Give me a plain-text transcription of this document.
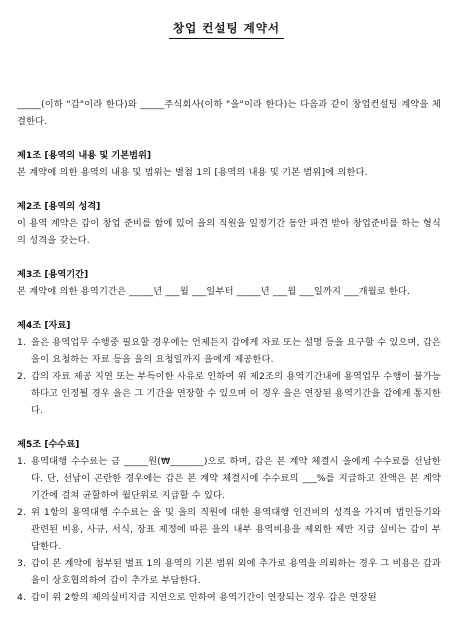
창업 컨설팅 계약서

_____(이하 "갑"이라 한다)와 _____주식회사(이하 "을"이라 한다)는 다음과 같이 창업컨설팅 계약을 체결한다.

제1조 [용역의 내용 및 기본범위]

본 계약에 의한 용역의 내용 및 범위는 별첨 1의 [용역의 내용 및 기본 범위]에 의한다.

제2조 [용역의 성격]

이 용역 계약은 갑이 창업 준비를 함에 있어 을의 직원을 일정기간 동안 파견 받아 창업준비를 하는 형식의 성격을 갖는다.

제3조 [용역기간]

본 계약에 의한 용역기간은 _____년 ___월 ___일부터 _____년 ___월 ___일까지 ___개월로 한다.

제4조 [자료]

1. 을은 용역업무 수행중 필요할 경우에는 언제든지 갑에게 자료 또는 설명 등을 요구할 수 있으며, 갑은 을이 요청하는 자료 등을 을의 요청일까지 을에게 제공한다.
2. 갑의 자료 제공 지연 또는 부득이한 사유로 인하여 위 제2조의 용역기간내에 용역업무 수행이 불가능하다고 인정될 경우 을은 그 기간을 연장할 수 있으며 이 경우 을은 연장된 용역기간을 갑에게 통지한다.

제5조 [수수료]

1. 용역대행 수수료는 금 _____원(₩_______)으로 하며, 갑은 본 계약 체결시 을에게 수수료를 선납한다. 단, 선납이 곤란한 경우에는 갑은 본 계약 체결시에 수수료의 ___%를 지급하고 잔액은 본 계약 기간에 걸쳐 균할하여 월단위로 지급할 수 있다.
2. 위 1항의 용역대행 수수료는 을 및 을의 직원에 대한 용역대행 인건비의 성격을 가지며 법인등기와 관련된 비용, 사규, 서식, 장표 제정에 따른 을의 내부 용역비용을 제외한 제반 지급 실비는 갑이 부담한다.
3. 갑이 본 계약에 첨부된 별표 1의 용역의 기본 범위 외에 추가로 용역을 의뢰하는 경우 그 비용은 갑과 을이 상호협의하여 갑이 추가로 부담한다.
4. 갑이 위 2항의 제의실비지급 지연으로 인하여 용역기간이 연장되는 경우 갑은 연장된
